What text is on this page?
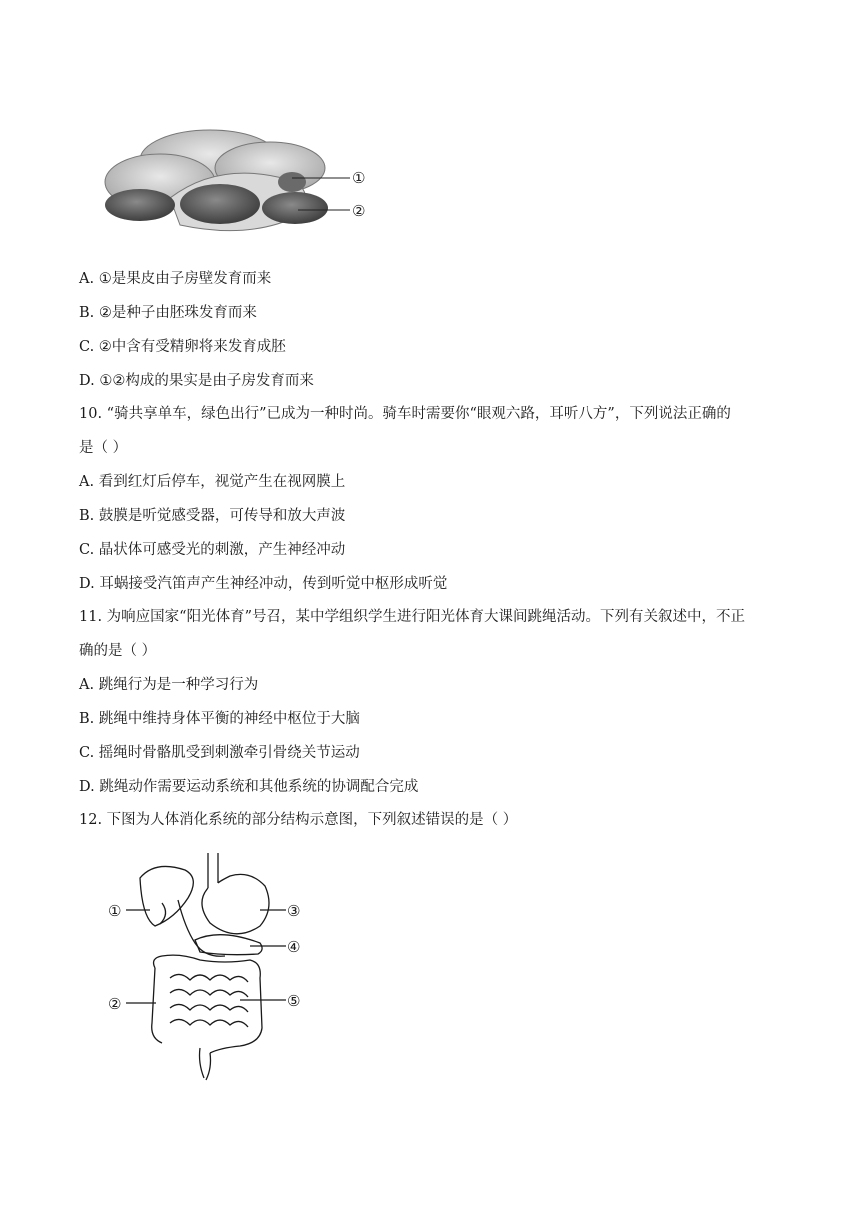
①
②
A. ①是果皮由子房壁发育而来
B. ②是种子由胚珠发育而来
C. ②中含有受精卵将来发育成胚
D. ①②构成的果实是由子房发育而来
10. “骑共享单车，绿色出行”已成为一种时尚。骑车时需要你“眼观六路，耳听八方”，下列说法正确的
是（ ）
A. 看到红灯后停车，视觉产生在视网膜上
B. 鼓膜是听觉感受器，可传导和放大声波
C. 晶状体可感受光的刺激，产生神经冲动
D. 耳蜗接受汽笛声产生神经冲动，传到听觉中枢形成听觉
11. 为响应国家“阳光体育”号召，某中学组织学生进行阳光体育大课间跳绳活动。下列有关叙述中，不正
确的是（ ）
A. 跳绳行为是一种学习行为
B. 跳绳中维持身体平衡的神经中枢位于大脑
C. 摇绳时骨骼肌受到刺激牵引骨绕关节运动
D. 跳绳动作需要运动系统和其他系统的协调配合完成
12. 下图为人体消化系统的部分结构示意图，下列叙述错误的是（ ）
①
②
③
④
⑤
